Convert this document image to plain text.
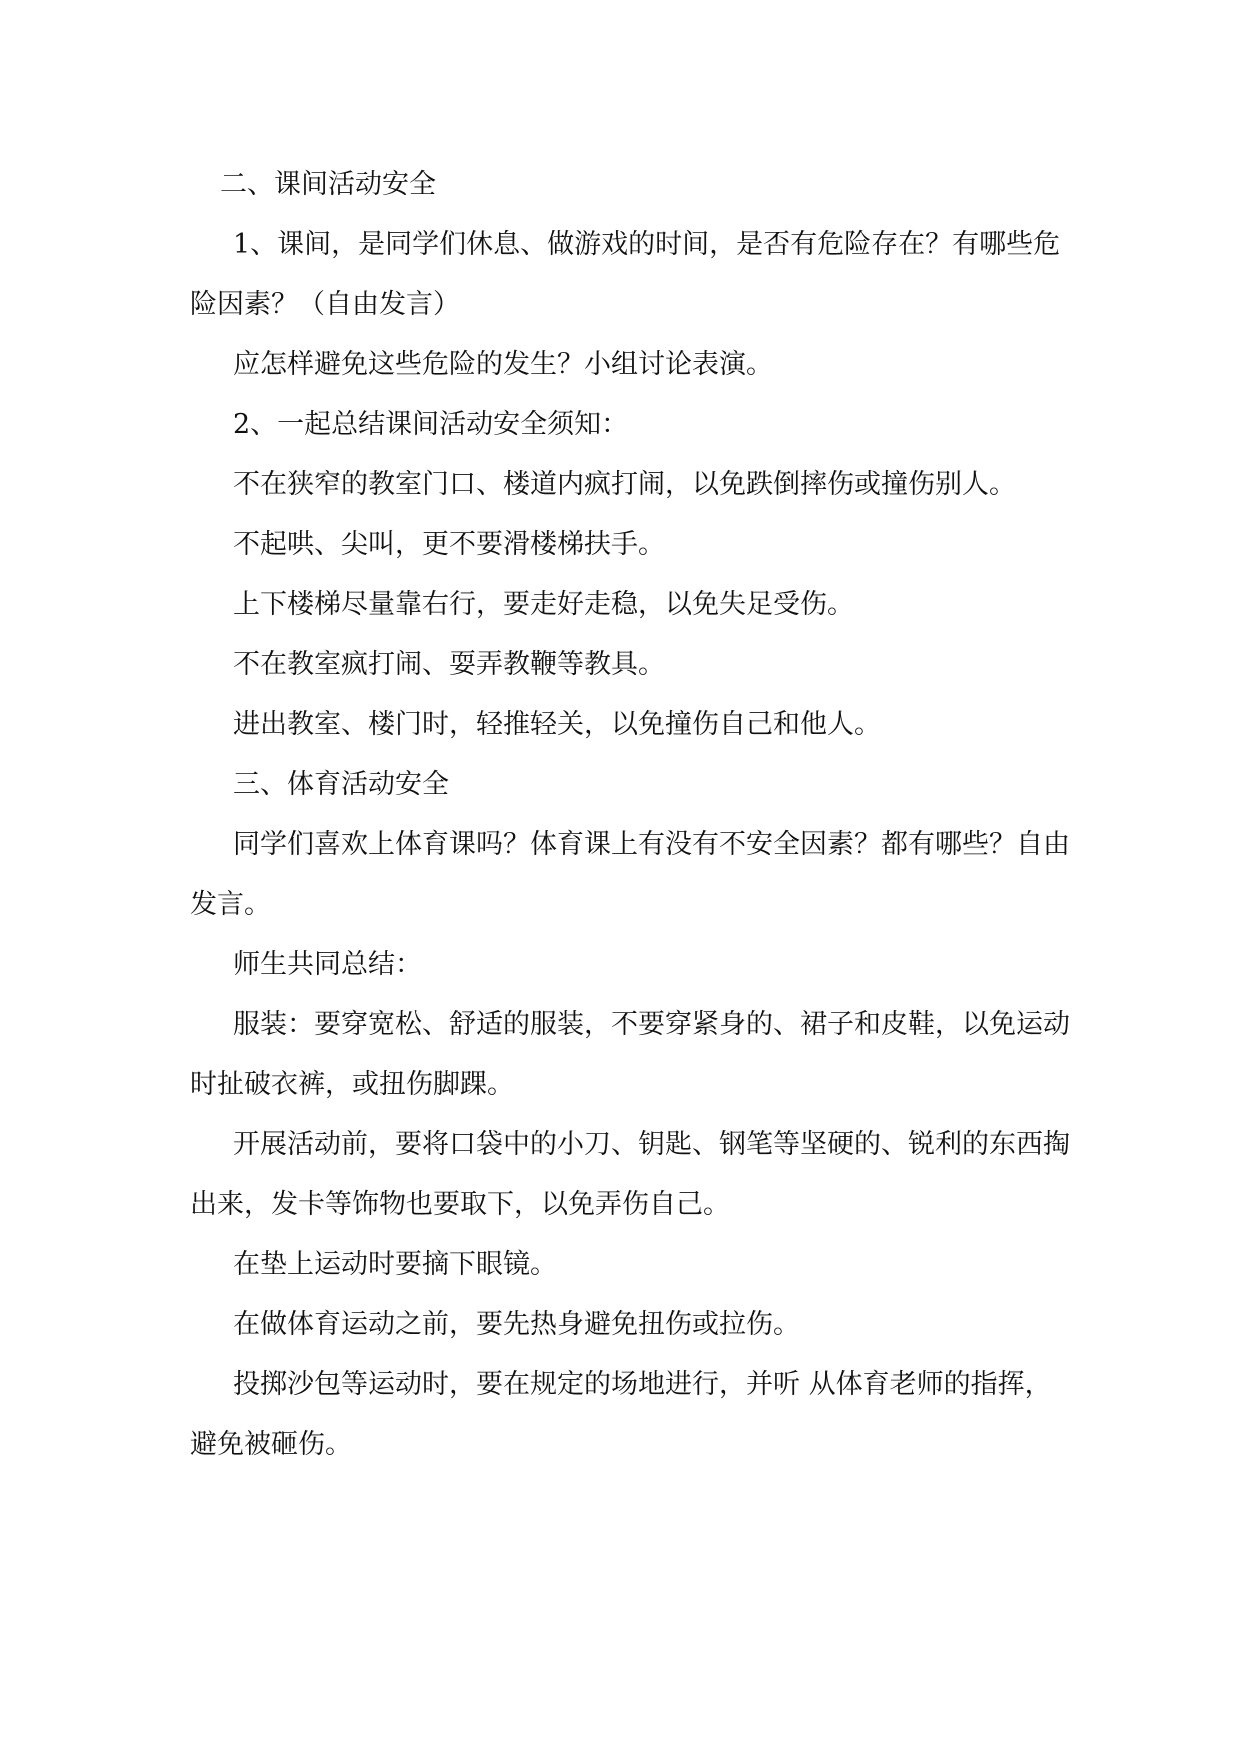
二、课间活动安全

1、课间，是同学们休息、做游戏的时间，是否有危险存在？有哪些危险因素？（自由发言）

应怎样避免这些危险的发生？小组讨论表演。

2、一起总结课间活动安全须知：

不在狭窄的教室门口、楼道内疯打闹，以免跌倒摔伤或撞伤别人。

不起哄、尖叫，更不要滑楼梯扶手。

上下楼梯尽量靠右行，要走好走稳，以免失足受伤。

不在教室疯打闹、耍弄教鞭等教具。

进出教室、楼门时，轻推轻关，以免撞伤自己和他人。

三、体育活动安全

同学们喜欢上体育课吗？体育课上有没有不安全因素？都有哪些？自由发言。

师生共同总结：

服装：要穿宽松、舒适的服装，不要穿紧身的、裙子和皮鞋，以免运动时扯破衣裤，或扭伤脚踝。

开展活动前，要将口袋中的小刀、钥匙、钢笔等坚硬的、锐利的东西掏出来，发卡等饰物也要取下，以免弄伤自己。

在垫上运动时要摘下眼镜。

在做体育运动之前，要先热身避免扭伤或拉伤。

投掷沙包等运动时，要在规定的场地进行，并听 从体育老师的指挥，避免被砸伤。
